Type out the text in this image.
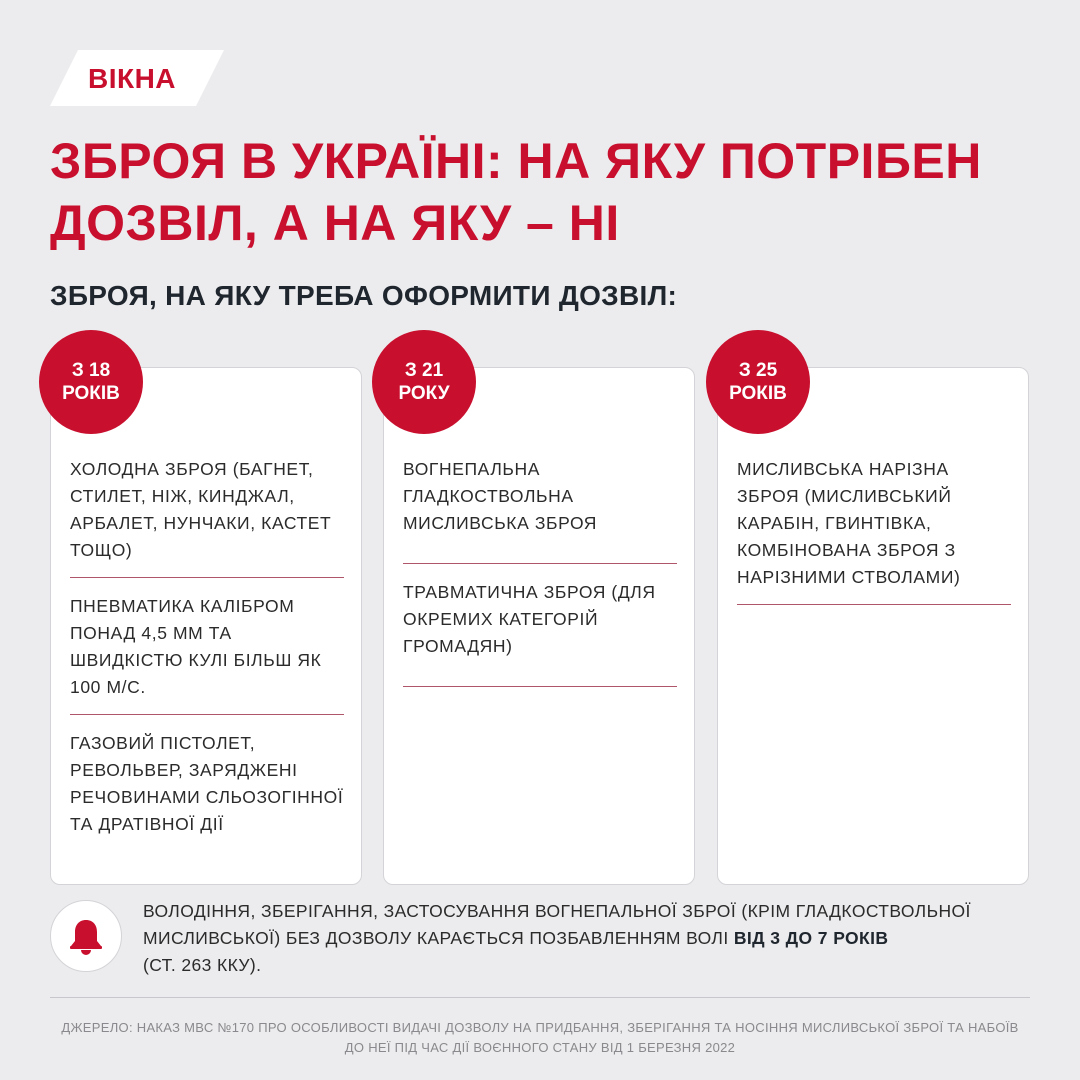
ВІКНА
ЗБРОЯ В УКРАЇНІ: НА ЯКУ ПОТРІБЕН ДОЗВІЛ, А НА ЯКУ – НІ
ЗБРОЯ, НА ЯКУ ТРЕБА ОФОРМИТИ ДОЗВІЛ:
ХОЛОДНА ЗБРОЯ (БАГНЕТ, СТИЛЕТ, НІЖ, КИНДЖАЛ, АРБАЛЕТ, НУНЧАКИ, КАСТЕТ ТОЩО)
ПНЕВМАТИКА КАЛІБРОМ ПОНАД 4,5 ММ ТА ШВИДКІСТЮ КУЛІ БІЛЬШ ЯК 100 М/С.
ГАЗОВИЙ ПІСТОЛЕТ, РЕВОЛЬВЕР, ЗАРЯДЖЕНІ РЕЧОВИНАМИ СЛЬОЗОГІННОЇ ТА ДРАТІВНОЇ ДІЇ
ВОГНЕПАЛЬНА ГЛАДКОСТВОЛЬНА МИСЛИВСЬКА ЗБРОЯ
ТРАВМАТИЧНА ЗБРОЯ (ДЛЯ ОКРЕМИХ КАТЕГОРІЙ ГРОМАДЯН)
МИСЛИВСЬКА НАРІЗНА ЗБРОЯ (МИСЛИВСЬКИЙ КАРАБІН, ГВИНТІВКА, КОМБІНОВАНА ЗБРОЯ З НАРІЗНИМИ СТВОЛАМИ)
З 18
РОКІВ
З 21
РОКУ
З 25
РОКІВ

ВОЛОДІННЯ, ЗБЕРІГАННЯ, ЗАСТОСУВАННЯ ВОГНЕПАЛЬНОЇ ЗБРОЇ (КРІМ ГЛАДКОСТВОЛЬНОЇ МИСЛИВСЬКОЇ) БЕЗ ДОЗВОЛУ КАРАЄТЬСЯ ПОЗБАВЛЕННЯМ ВОЛІ ВІД 3 ДО 7 РОКІВ
(СТ. 263 ККУ).

ДЖЕРЕЛО: НАКАЗ МВС №170 ПРО ОСОБЛИВОСТІ ВИДАЧІ ДОЗВОЛУ НА ПРИДБАННЯ, ЗБЕРІГАННЯ ТА НОСІННЯ МИСЛИВСЬКОЇ ЗБРОЇ ТА НАБОЇВ ДО НЕЇ ПІД ЧАС ДІЇ ВОЄННОГО СТАНУ ВІД 1 БЕРЕЗНЯ 2022
